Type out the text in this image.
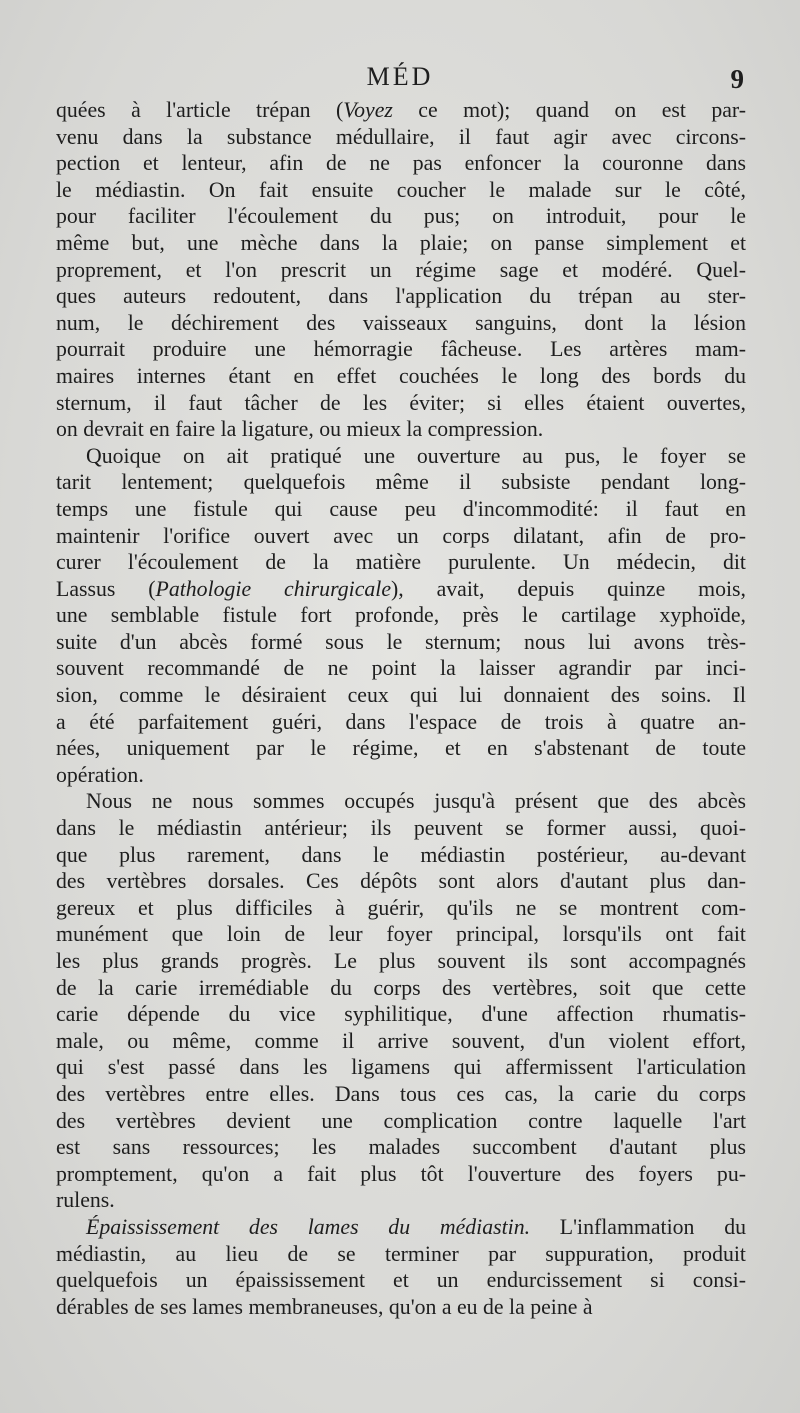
MÉD	9
quées à l'article trépan (Voyez ce mot); quand on est par-
venu dans la substance médullaire, il faut agir avec circons-
pection et lenteur, afin de ne pas enfoncer la couronne dans
le médiastin. On fait ensuite coucher le malade sur le côté,
pour faciliter l'écoulement du pus; on introduit, pour le
même but, une mèche dans la plaie; on panse simplement et
proprement, et l'on prescrit un régime sage et modéré. Quel-
ques auteurs redoutent, dans l'application du trépan au ster-
num, le déchirement des vaisseaux sanguins, dont la lésion
pourrait produire une hémorragie fâcheuse. Les artères mam-
maires internes étant en effet couchées le long des bords du
sternum, il faut tâcher de les éviter; si elles étaient ouvertes,
on devrait en faire la ligature, ou mieux la compression.
Quoique on ait pratiqué une ouverture au pus, le foyer se
tarit lentement; quelquefois même il subsiste pendant long-
temps une fistule qui cause peu d'incommodité: il faut en
maintenir l'orifice ouvert avec un corps dilatant, afin de pro-
curer l'écoulement de la matière purulente. Un médecin, dit
Lassus (Pathologie chirurgicale), avait, depuis quinze mois,
une semblable fistule fort profonde, près le cartilage xyphoïde,
suite d'un abcès formé sous le sternum; nous lui avons très-
souvent recommandé de ne point la laisser agrandir par inci-
sion, comme le désiraient ceux qui lui donnaient des soins. Il
a été parfaitement guéri, dans l'espace de trois à quatre an-
nées, uniquement par le régime, et en s'abstenant de toute
opération.
Nous ne nous sommes occupés jusqu'à présent que des abcès
dans le médiastin antérieur; ils peuvent se former aussi, quoi-
que plus rarement, dans le médiastin postérieur, au-devant
des vertèbres dorsales. Ces dépôts sont alors d'autant plus dan-
gereux et plus difficiles à guérir, qu'ils ne se montrent com-
munément que loin de leur foyer principal, lorsqu'ils ont fait
les plus grands progrès. Le plus souvent ils sont accompagnés
de la carie irremédiable du corps des vertèbres, soit que cette
carie dépende du vice syphilitique, d'une affection rhumatis-
male, ou même, comme il arrive souvent, d'un violent effort,
qui s'est passé dans les ligamens qui affermissent l'articulation
des vertèbres entre elles. Dans tous ces cas, la carie du corps
des vertèbres devient une complication contre laquelle l'art
est sans ressources; les malades succombent d'autant plus
promptement, qu'on a fait plus tôt l'ouverture des foyers pu-
rulens.
Épaississement des lames du médiastin. L'inflammation du
médiastin, au lieu de se terminer par suppuration, produit
quelquefois un épaississement et un endurcissement si consi-
dérables de ses lames membraneuses, qu'on a eu de la peine à
